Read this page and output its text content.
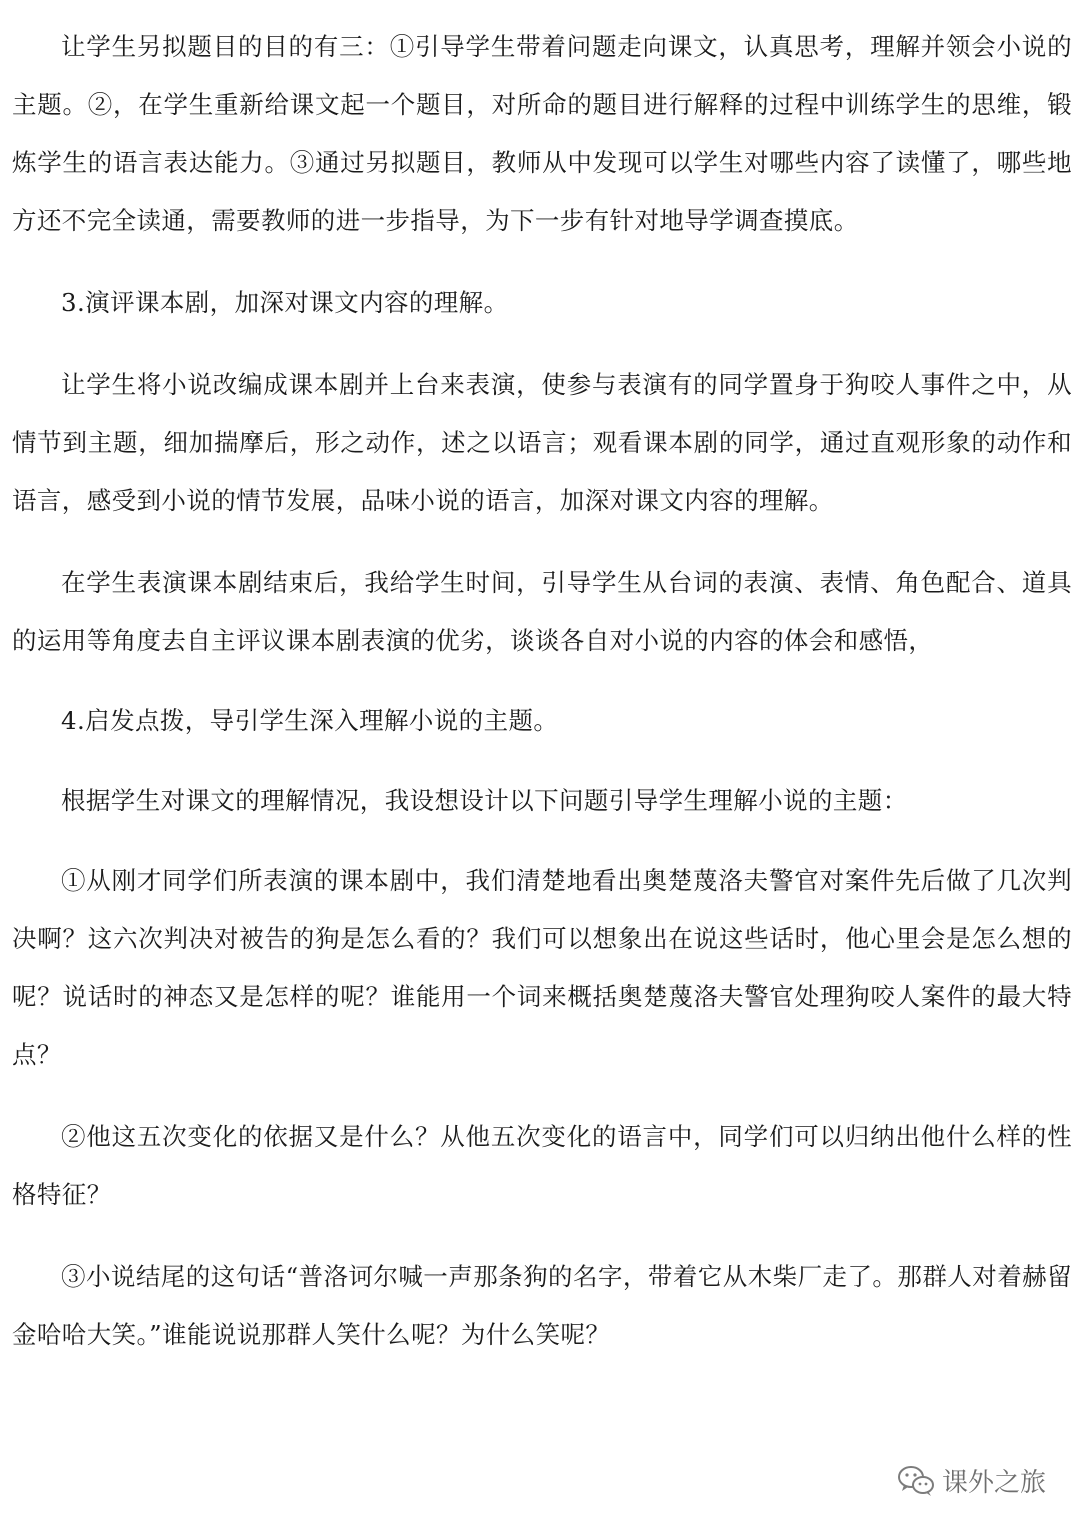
让学生另拟题目的目的有三：①引导学生带着问题走向课文，认真思考，理解并领会小说的主题。②，在学生重新给课文起一个题目，对所命的题目进行解释的过程中训练学生的思维，锻炼学生的语言表达能力。③通过另拟题目，教师从中发现可以学生对哪些内容了读懂了，哪些地方还不完全读通，需要教师的进一步指导，为下一步有针对地导学调查摸底。

3.演评课本剧，加深对课文内容的理解。

让学生将小说改编成课本剧并上台来表演，使参与表演有的同学置身于狗咬人事件之中，从情节到主题，细加揣摩后，形之动作，述之以语言；观看课本剧的同学，通过直观形象的动作和语言，感受到小说的情节发展，品味小说的语言，加深对课文内容的理解。

在学生表演课本剧结束后，我给学生时间，引导学生从台词的表演、表情、角色配合、道具的运用等角度去自主评议课本剧表演的优劣，谈谈各自对小说的内容的体会和感悟，

4.启发点拨，导引学生深入理解小说的主题。

根据学生对课文的理解情况，我设想设计以下问题引导学生理解小说的主题：

①从刚才同学们所表演的课本剧中，我们清楚地看出奥楚蔑洛夫警官对案件先后做了几次判决啊？这六次判决对被告的狗是怎么看的？我们可以想象出在说这些话时，他心里会是怎么想的呢？说话时的神态又是怎样的呢？谁能用一个词来概括奥楚蔑洛夫警官处理狗咬人案件的最大特点？

②他这五次变化的依据又是什么？从他五次变化的语言中，同学们可以归纳出他什么样的性格特征？

③小说结尾的这句话“普洛诃尔喊一声那条狗的名字，带着它从木柴厂走了。那群人对着赫留金哈哈大笑。”谁能说说那群人笑什么呢？为什么笑呢？

课外之旅
